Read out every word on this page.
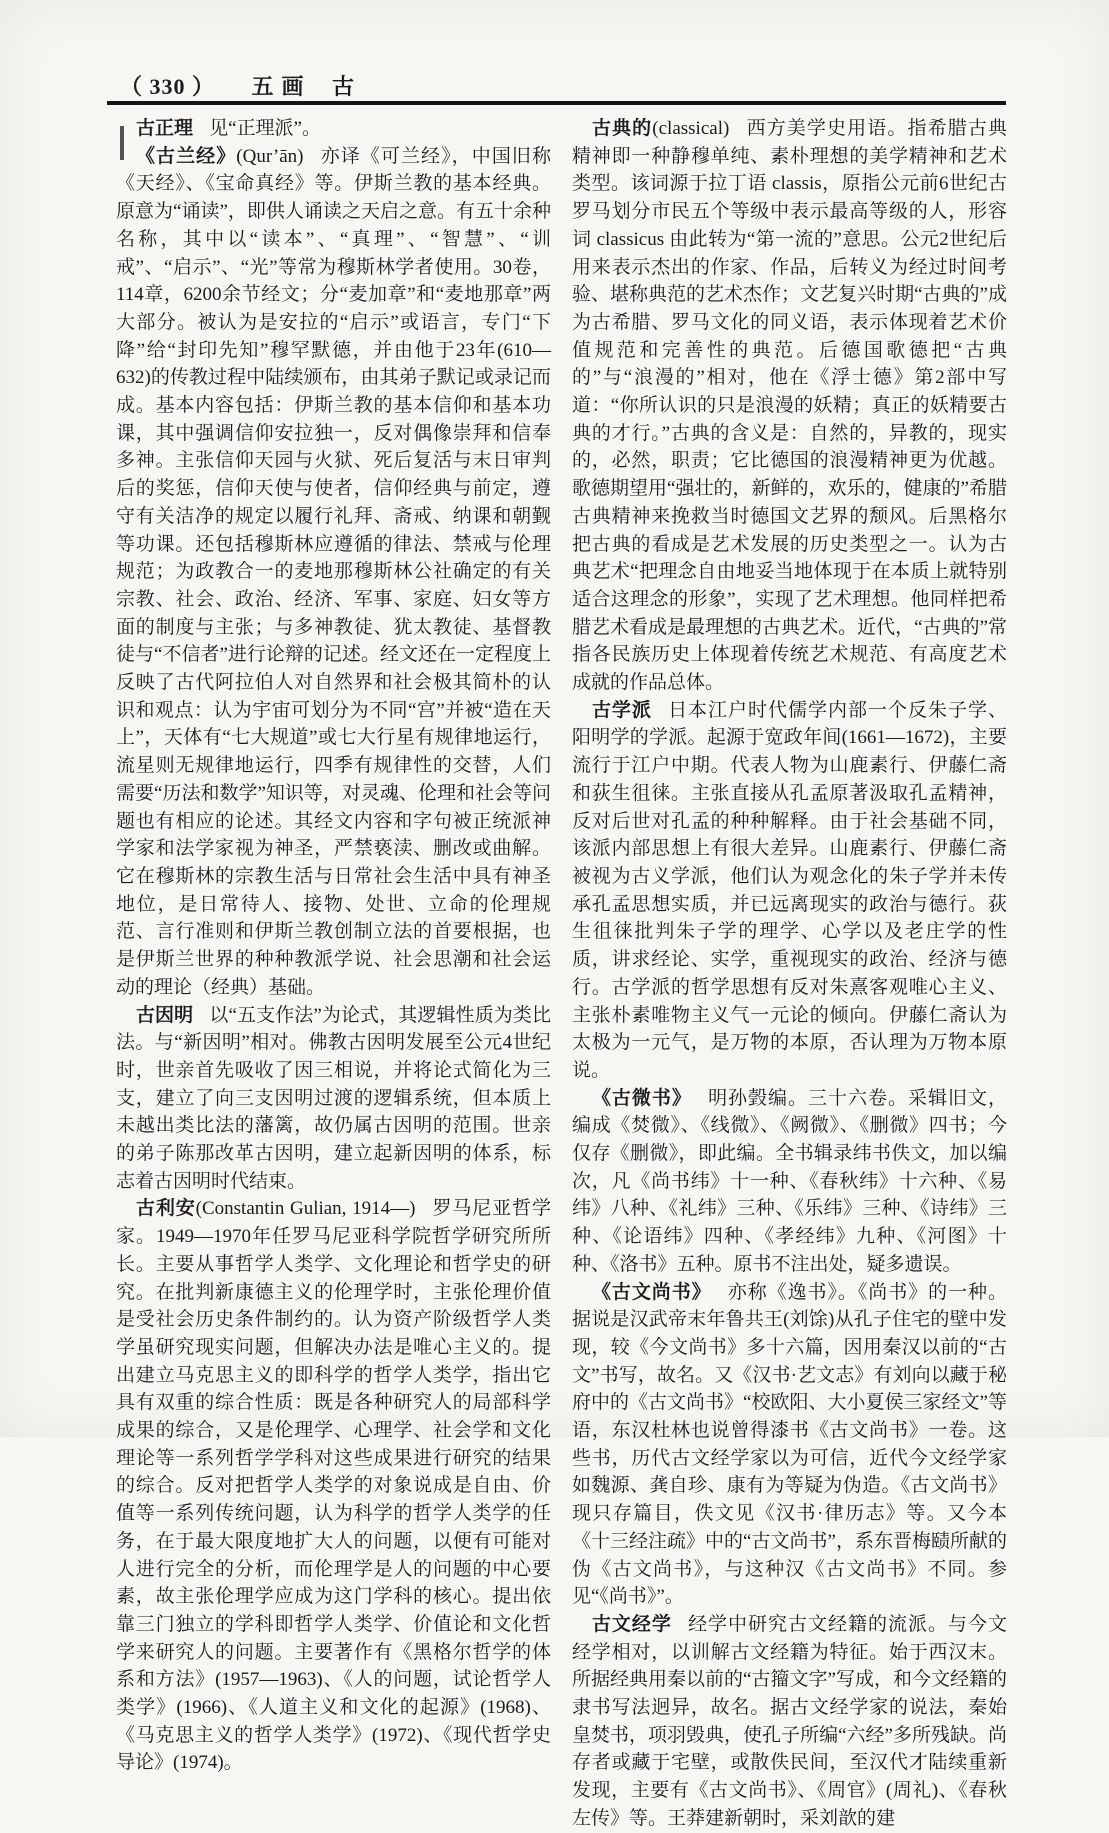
（ 330 ） 五画 古

古正理 见“正理派”。

《古兰经》(Qur’ān) 亦译《可兰经》，中国旧称《天经》、《宝命真经》等。伊斯兰教的基本经典。原意为“诵读”，即供人诵读之天启之意。有五十余种名称，其中以“读本”、“真理”、“智慧”、“训戒”、“启示”、“光”等常为穆斯林学者使用。30卷，114章，6200余节经文；分“麦加章”和“麦地那章”两大部分。被认为是安拉的“启示”或语言，专门“下降”给“封印先知”穆罕默德，并由他于23年(610—632)的传教过程中陆续颁布，由其弟子默记或录记而成。基本内容包括：伊斯兰教的基本信仰和基本功课，其中强调信仰安拉独一，反对偶像崇拜和信奉多神。主张信仰天园与火狱、死后复活与末日审判后的奖惩，信仰天使与使者，信仰经典与前定，遵守有关洁净的规定以履行礼拜、斋戒、纳课和朝觐等功课。还包括穆斯林应遵循的律法、禁戒与伦理规范；为政教合一的麦地那穆斯林公社确定的有关宗教、社会、政治、经济、军事、家庭、妇女等方面的制度与主张；与多神教徒、犹太教徒、基督教徒与“不信者”进行论辩的记述。经文还在一定程度上反映了古代阿拉伯人对自然界和社会极其简朴的认识和观点：认为宇宙可划分为不同“宫”并被“造在天上”，天体有“七大规道”或七大行星有规律地运行，流星则无规律地运行，四季有规律性的交替，人们需要“历法和数学”知识等，对灵魂、伦理和社会等问题也有相应的论述。其经文内容和字句被正统派神学家和法学家视为神圣，严禁亵渎、删改或曲解。它在穆斯林的宗教生活与日常社会生活中具有神圣地位，是日常待人、接物、处世、立命的伦理规范、言行准则和伊斯兰教创制立法的首要根据，也是伊斯兰世界的种种教派学说、社会思潮和社会运动的理论（经典）基础。

古因明 以“五支作法”为论式，其逻辑性质为类比法。与“新因明”相对。佛教古因明发展至公元4世纪时，世亲首先吸收了因三相说，并将论式简化为三支，建立了向三支因明过渡的逻辑系统，但本质上未越出类比法的藩篱，故仍属古因明的范围。世亲的弟子陈那改革古因明，建立起新因明的体系，标志着古因明时代结束。

古利安(Constantin Gulian, 1914—) 罗马尼亚哲学家。1949—1970年任罗马尼亚科学院哲学研究所所长。主要从事哲学人类学、文化理论和哲学史的研究。在批判新康德主义的伦理学时，主张伦理价值是受社会历史条件制约的。认为资产阶级哲学人类学虽研究现实问题，但解决办法是唯心主义的。提出建立马克思主义的即科学的哲学人类学，指出它具有双重的综合性质：既是各种研究人的局部科学成果的综合，又是伦理学、心理学、社会学和文化理论等一系列哲学学科对这些成果进行研究的结果的综合。反对把哲学人类学的对象说成是自由、价值等一系列传统问题，认为科学的哲学人类学的任务，在于最大限度地扩大人的问题，以便有可能对人进行完全的分析，而伦理学是人的问题的中心要素，故主张伦理学应成为这门学科的核心。提出依靠三门独立的学科即哲学人类学、价值论和文化哲学来研究人的问题。主要著作有《黑格尔哲学的体系和方法》(1957—1963)、《人的问题，试论哲学人类学》(1966)、《人道主义和文化的起源》(1968)、《马克思主义的哲学人类学》(1972)、《现代哲学史导论》(1974)。

古典的(classical) 西方美学史用语。指希腊古典精神即一种静穆单纯、素朴理想的美学精神和艺术类型。该词源于拉丁语 classis，原指公元前6世纪古罗马划分市民五个等级中表示最高等级的人，形容词 classicus 由此转为“第一流的”意思。公元2世纪后用来表示杰出的作家、作品，后转义为经过时间考验、堪称典范的艺术杰作；文艺复兴时期“古典的”成为古希腊、罗马文化的同义语，表示体现着艺术价值规范和完善性的典范。后德国歌德把“古典的”与“浪漫的”相对，他在《浮士德》第2部中写道：“你所认识的只是浪漫的妖精；真正的妖精要古典的才行。”古典的含义是：自然的，异教的，现实的，必然，职责；它比德国的浪漫精神更为优越。歌德期望用“强壮的，新鲜的，欢乐的，健康的”希腊古典精神来挽救当时德国文艺界的颓风。后黑格尔把古典的看成是艺术发展的历史类型之一。认为古典艺术“把理念自由地妥当地体现于在本质上就特别适合这理念的形象”，实现了艺术理想。他同样把希腊艺术看成是最理想的古典艺术。近代，“古典的”常指各民族历史上体现着传统艺术规范、有高度艺术成就的作品总体。

古学派 日本江户时代儒学内部一个反朱子学、阳明学的学派。起源于宽政年间(1661—1672)，主要流行于江户中期。代表人物为山鹿素行、伊藤仁斋和荻生徂徕。主张直接从孔孟原著汲取孔孟精神，反对后世对孔孟的种种解释。由于社会基础不同，该派内部思想上有很大差异。山鹿素行、伊藤仁斋被视为古义学派，他们认为观念化的朱子学并未传承孔孟思想实质，并已远离现实的政治与德行。荻生徂徕批判朱子学的理学、心学以及老庄学的性质，讲求经论、实学，重视现实的政治、经济与德行。古学派的哲学思想有反对朱熹客观唯心主义、主张朴素唯物主义气一元论的倾向。伊藤仁斋认为太极为一元气，是万物的本原，否认理为万物本原说。

《古微书》 明孙瑴编。三十六卷。采辑旧文，编成《焚微》、《线微》、《阙微》、《删微》四书；今仅存《删微》，即此编。全书辑录纬书佚文，加以编次，凡《尚书纬》十一种、《春秋纬》十六种、《易纬》八种、《礼纬》三种、《乐纬》三种、《诗纬》三种、《论语纬》四种、《孝经纬》九种、《河图》十种、《洛书》五种。原书不注出处，疑多遗误。

《古文尚书》 亦称《逸书》。《尚书》的一种。据说是汉武帝末年鲁共王(刘馀)从孔子住宅的壁中发现，较《今文尚书》多十六篇，因用秦汉以前的“古文”书写，故名。又《汉书·艺文志》有刘向以藏于秘府中的《古文尚书》“校欧阳、大小夏侯三家经文”等语，东汉杜林也说曾得漆书《古文尚书》一卷。这些书，历代古文经学家以为可信，近代今文经学家如魏源、龚自珍、康有为等疑为伪造。《古文尚书》现只存篇目，佚文见《汉书·律历志》等。又今本《十三经注疏》中的“古文尚书”，系东晋梅赜所献的伪《古文尚书》，与这种汉《古文尚书》不同。参见“《尚书》”。

古文经学 经学中研究古文经籍的流派。与今文经学相对，以训解古文经籍为特征。始于西汉末。所据经典用秦以前的“古籀文字”写成，和今文经籍的隶书写法迥异，故名。据古文经学家的说法，秦始皇焚书，项羽毁典，使孔子所编“六经”多所残缺。尚存者或藏于宅壁，或散佚民间，至汉代才陆续重新发现，主要有《古文尚书》、《周官》(周礼)、《春秋左传》等。王莽建新朝时，采刘歆的建
